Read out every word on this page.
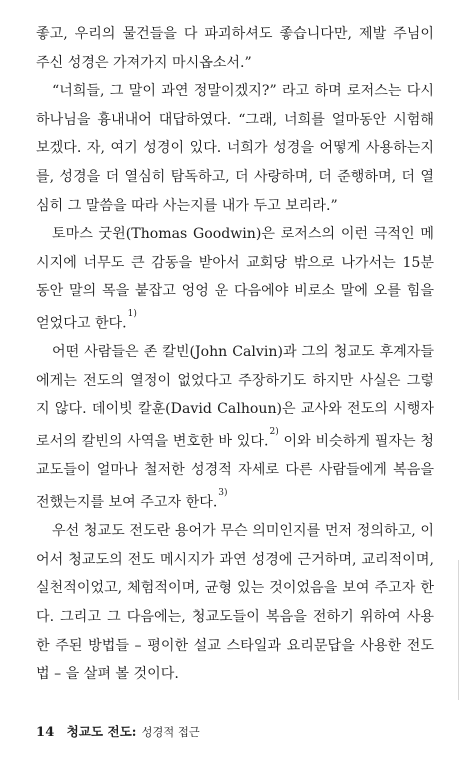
좋고, 우리의 물건들을 다 파괴하셔도 좋습니다만, 제발 주님이 주신 성경은 가져가지 마시옵소서.”

“너희들, 그 말이 과연 정말이겠지?” 라고 하며 로저스는 다시 하나님을 흉내내어 대답하였다. “그래, 너희를 얼마동안 시험해 보겠다. 자, 여기 성경이 있다. 너희가 성경을 어떻게 사용하는지를, 성경을 더 열심히 탐독하고, 더 사랑하며, 더 준행하며, 더 열심히 그 말씀을 따라 사는지를 내가 두고 보리라.”

토마스 굿윈(Thomas Goodwin)은 로저스의 이런 극적인 메시지에 너무도 큰 감동을 받아서 교회당 밖으로 나가서는 15분 동안 말의 목을 붙잡고 엉엉 운 다음에야 비로소 말에 오를 힘을 얻었다고 한다.$^{1)}$

어떤 사람들은 존 칼빈(John Calvin)과 그의 청교도 후계자들에게는 전도의 열정이 없었다고 주장하기도 하지만 사실은 그렇지 않다. 데이빗 칼훈(David Calhoun)은 교사와 전도의 시행자로서의 칼빈의 사역을 변호한 바 있다.$^{2)}$ 이와 비슷하게 필자는 청교도들이 얼마나 철저한 성경적 자세로 다른 사람들에게 복음을 전했는지를 보여 주고자 한다.$^{3)}$

우선 청교도 전도란 용어가 무슨 의미인지를 먼저 정의하고, 이어서 청교도의 전도 메시지가 과연 성경에 근거하며, 교리적이며, 실천적이었고, 체험적이며, 균형 있는 것이었음을 보여 주고자 한다. 그리고 그 다음에는, 청교도들이 복음을 전하기 위하여 사용한 주된 방법들 – 평이한 설교 스타일과 요리문답을 사용한 전도법 – 을 살펴 볼 것이다.

14 청교도 전도: 성경적 접근
